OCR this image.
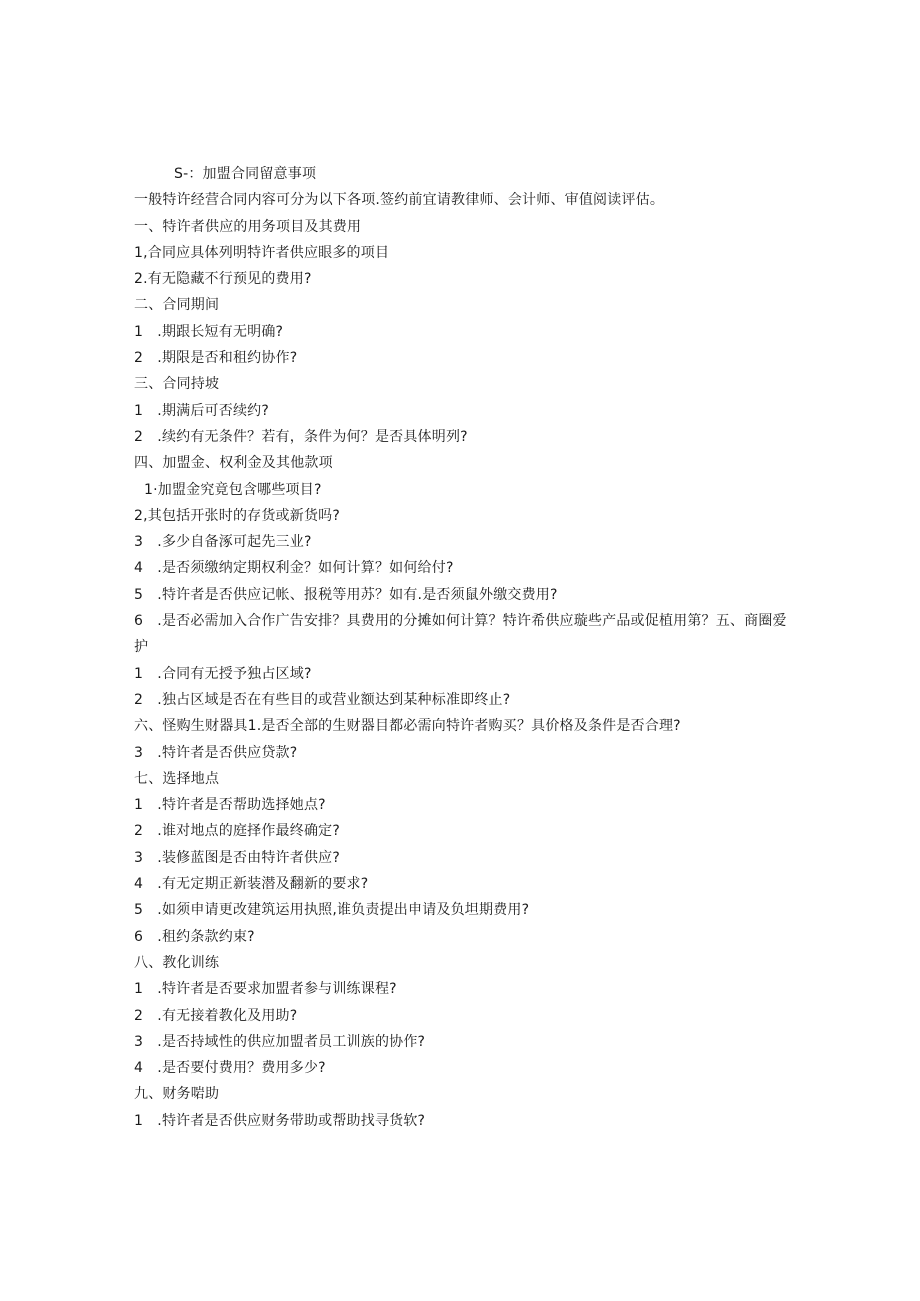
S-：加盟合同留意事项
一般特许经营合同内容可分为以下各项.签约前宜请教律师、会计师、审值阅读评估。
一、特许者供应的用务项目及其费用
1,合同应具体列明特许者供应眼多的项目
2.有无隐藏不行预见的费用?
二、合同期间
1　.期跟长短有无明确?
2　.期限是否和租约协作?
三、合同持坡
1　.期满后可否续约?
2　.续约有无条件？若有，条件为何？是否具体明列?
四、加盟金、权利金及其他款项
1·加盟金究竟包含哪些项目?
2,其包括开张时的存货或新货吗?
3　.多少自备涿可起先三业?
4　.是否须缴纳定期权利金？如何计算？如何给付?
5　.特许者是否供应记帐、报税等用苏？如有.是否须鼠外缴交费用?
6　.是否必需加入合作广告安排？具费用的分摊如何计算？特许希供应璇些产品或促植用第？五、商圈爱护
1　.合同有无授予独占区域?
2　.独占区域是否在有些目的或营业额达到某种标准即终止?
六、怪购生财器具1.是否全部的生财器目都必需向特许者购买？具价格及条件是否合理?
3　.特许者是否供应贷款?
七、选择地点
1　.特许者是否帮助选择她点?
2　.谁对地点的庭择作最终确定?
3　.装修蓝图是否由特许者供应?
4　.有无定期正新装潜及翻新的要求?
5　.如须申请更改建筑运用执照,谁负责提出申请及负坦期费用?
6　.租约条款约束?
八、教化训练
1　.特许者是否要求加盟者参与训练课程?
2　.有无接着教化及用助?
3　.是否持域性的供应加盟者员工训族的协作?
4　.是否要付费用？费用多少?
九、财务啱助
1　.特许者是否供应财务带助或帮助找寻货软?
